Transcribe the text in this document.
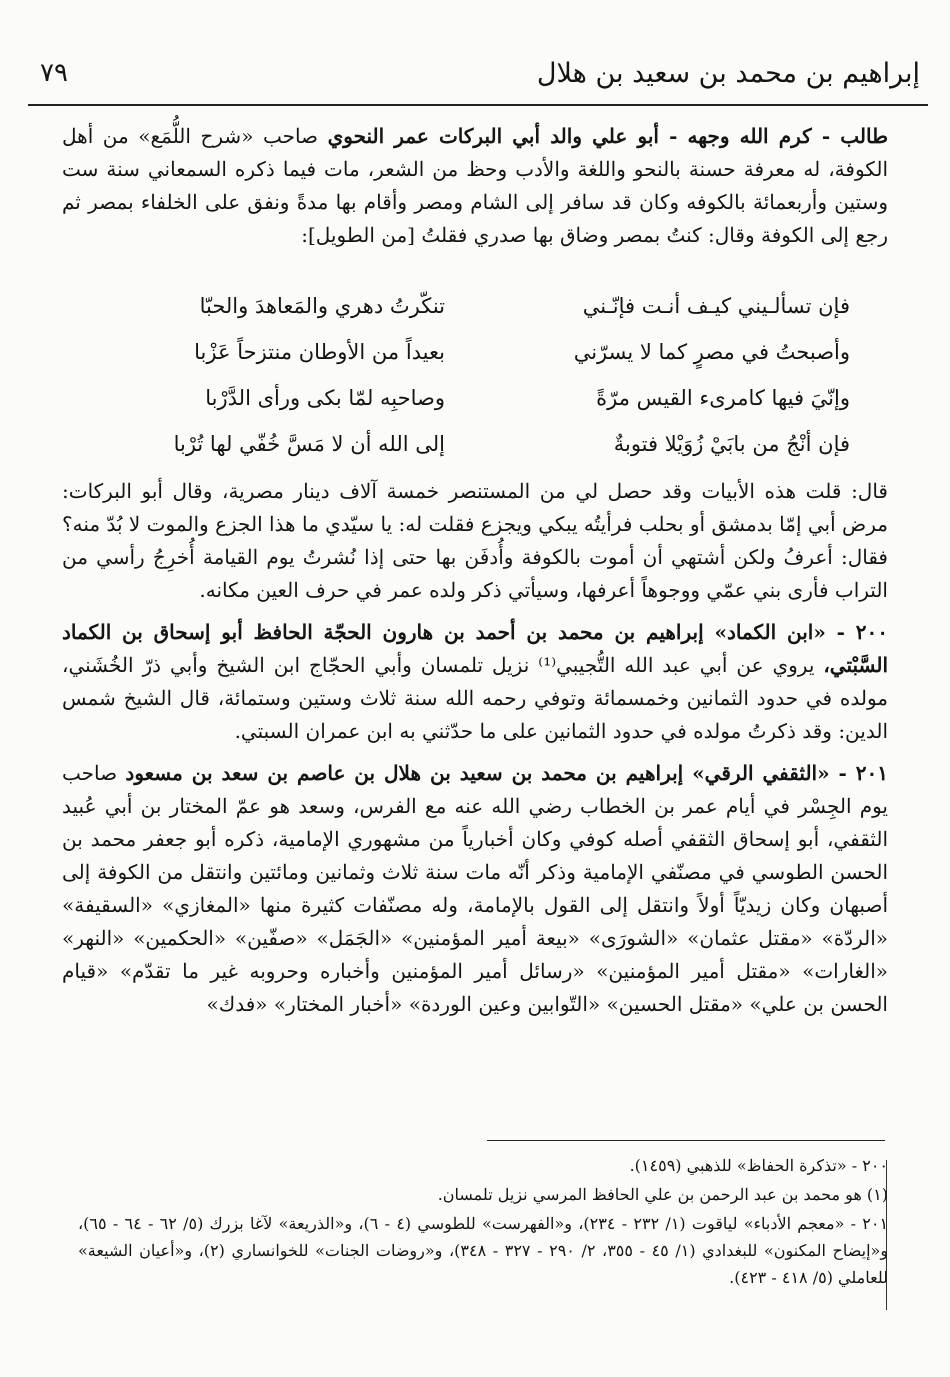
إبراهيم بن محمد بن سعيد بن هلال
٧٩

طالب - كرم الله وجهه - أبو علي والد أبي البركات عمر النحوي صاحب «شرح اللُّمَع» من أهل الكوفة، له معرفة حسنة بالنحو واللغة والأدب وحظ من الشعر، مات فيما ذكره السمعاني سنة ست وستين وأربعمائة بالكوفه وكان قد سافر إلى الشام ومصر وأقام بها مدةً ونفق على الخلفاء بمصر ثم رجع إلى الكوفة وقال: كنتُ بمصر وضاق بها صدري فقلتُ [من الطويل]:

فإن تسألـيني كيـف أنـت فإنّـني
تنكّرتُ دهري والمَعاهدَ والحبّا
وأصبحتُ في مصرٍ كما لا يسرّني
بعيداً من الأوطان منتزحاً عَزْبا
وإنّيَ فيها كامرىء القيس مرّةً
وصاحبِه لمّا بكى ورأى الدَّرْبا
فإن أنْجُ من بابَيْ زُوَيْلا فتوبةٌ
إلى الله أن لا مَسَّ خُفّي لها تُرْبا

قال: قلت هذه الأبيات وقد حصل لي من المستنصر خمسة آلاف دينار مصرية، وقال أبو البركات: مرض أبي إمّا بدمشق أو بحلب فرأيتُه يبكي ويجزع فقلت له: يا سيّدي ما هذا الجزع والموت لا بُدّ منه؟ فقال: أعرفُ ولكن أشتهي أن أموت بالكوفة وأُدفَن بها حتى إذا نُشرتُ يوم القيامة أُخرِجُ رأسي من التراب فأرى بني عمّي ووجوهاً أعرفها، وسيأتي ذكر ولده عمر في حرف العين مكانه.

٢٠٠ - «ابن الكماد» إبراهيم بن محمد بن أحمد بن هارون الحجّة الحافظ أبو إسحاق بن الكماد السَّبْتي، يروي عن أبي عبد الله التُّجيبي⁽¹⁾ نزيل تلمسان وأبي الحجّاج ابن الشيخ وأبي ذرّ الخُشَني، مولده في حدود الثمانين وخمسمائة وتوفي رحمه الله سنة ثلاث وستين وستمائة، قال الشيخ شمس الدين: وقد ذكرتُ مولده في حدود الثمانين على ما حدّثني به ابن عمران السبتي.

٢٠١ - «الثقفي الرقي» إبراهيم بن محمد بن سعيد بن هلال بن عاصم بن سعد بن مسعود صاحب يوم الجِسْر في أيام عمر بن الخطاب رضي الله عنه مع الفرس، وسعد هو عمّ المختار بن أبي عُبيد الثقفي، أبو إسحاق الثقفي أصله كوفي وكان أخبارياً من مشهوري الإمامية، ذكره أبو جعفر محمد بن الحسن الطوسي في مصنّفي الإمامية وذكر أنّه مات سنة ثلاث وثمانين ومائتين وانتقل من الكوفة إلى أصبهان وكان زيديّاً أولاً وانتقل إلى القول بالإمامة، وله مصنّفات كثيرة منها «المغازي» «السقيفة» «الردّة» «مقتل عثمان» «الشورَى» «بيعة أمير المؤمنين» «الجَمَل» «صفّين» «الحكمين» «النهر» «الغارات» «مقتل أمير المؤمنين» «رسائل أمير المؤمنين وأخباره وحروبه غير ما تقدّم» «قيام الحسن بن علي» «مقتل الحسين» «التّوابين وعين الوردة» «أخبار المختار» «فدك»

٢٠٠ - «تذكرة الحفاظ» للذهبي (١٤٥٩).

(١) هو محمد بن عبد الرحمن بن علي الحافظ المرسي نزيل تلمسان.

٢٠١ - «معجم الأدباء» لياقوت (١/ ٢٣٢ - ٢٣٤)، و«الفهرست» للطوسي (٤ - ٦)، و«الذريعة» لآغا بزرك (٥/ ٦٢ - ٦٤ - ٦٥)، و«إيضاح المكنون» للبغدادي (١/ ٤٥ - ٣٥٥، ٢/ ٢٩٠ - ٣٢٧ - ٣٤٨)، و«روضات الجنات» للخوانساري (٢)، و«أعيان الشيعة» للعاملي (٥/ ٤١٨ - ٤٢٣).
